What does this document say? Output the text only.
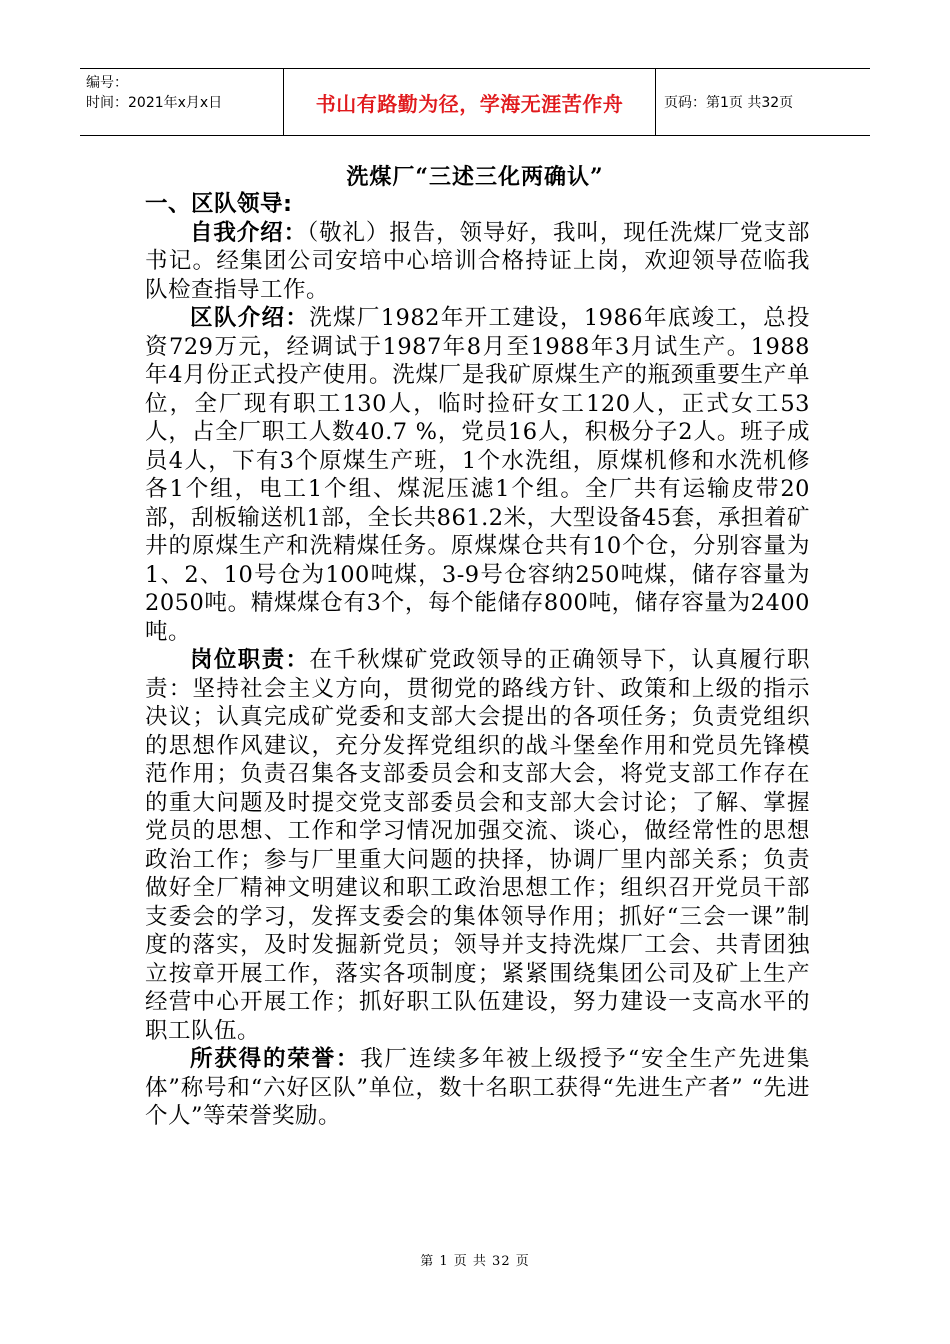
编号：
时间：2021年x月x日	书山有路勤为径，学海无涯苦作舟	页码：第1页 共32页
洗煤厂“三述三化两确认”

一、区队领导:

自我介绍：（敬礼）报告，领导好，我叫，现任洗煤厂党支部书记。经集团公司安培中心培训合格持证上岗，欢迎领导莅临我队检查指导工作。

区队介绍：洗煤厂1982年开工建设，1986年底竣工，总投资729万元，经调试于1987年8月至1988年3月试生产。1988年4月份正式投产使用。洗煤厂是我矿原煤生产的瓶颈重要生产单位，全厂现有职工130人，临时捡矸女工120人，正式女工53人，占全厂职工人数40.7 %，党员16人，积极分子2人。班子成员4人，下有3个原煤生产班，1个水洗组，原煤机修和水洗机修各1个组，电工1个组、煤泥压滤1个组。全厂共有运输皮带20部，刮板输送机1部，全长共861.2米，大型设备45套，承担着矿井的原煤生产和洗精煤任务。原煤煤仓共有10个仓，分别容量为1、2、10号仓为100吨煤，3-9号仓容纳250吨煤，储存容量为2050吨。精煤煤仓有3个，每个能储存800吨，储存容量为2400吨。

岗位职责：在千秋煤矿党政领导的正确领导下，认真履行职责：坚持社会主义方向，贯彻党的路线方针、政策和上级的指示决议；认真完成矿党委和支部大会提出的各项任务；负责党组织的思想作风建议，充分发挥党组织的战斗堡垒作用和党员先锋模范作用；负责召集各支部委员会和支部大会，将党支部工作存在的重大问题及时提交党支部委员会和支部大会讨论；了解、掌握党员的思想、工作和学习情况加强交流、谈心，做经常性的思想政治工作；参与厂里重大问题的抉择，协调厂里内部关系；负责做好全厂精神文明建议和职工政治思想工作；组织召开党员干部支委会的学习，发挥支委会的集体领导作用；抓好“三会一课”制度的落实，及时发掘新党员；领导并支持洗煤厂工会、共青团独立按章开展工作，落实各项制度；紧紧围绕集团公司及矿上生产经营中心开展工作；抓好职工队伍建设，努力建设一支高水平的职工队伍。

所获得的荣誉：我厂连续多年被上级授予“安全生产先进集体”称号和“六好区队”单位，数十名职工获得“先进生产者” “先进个人”等荣誉奖励。

第 1 页 共 32 页
